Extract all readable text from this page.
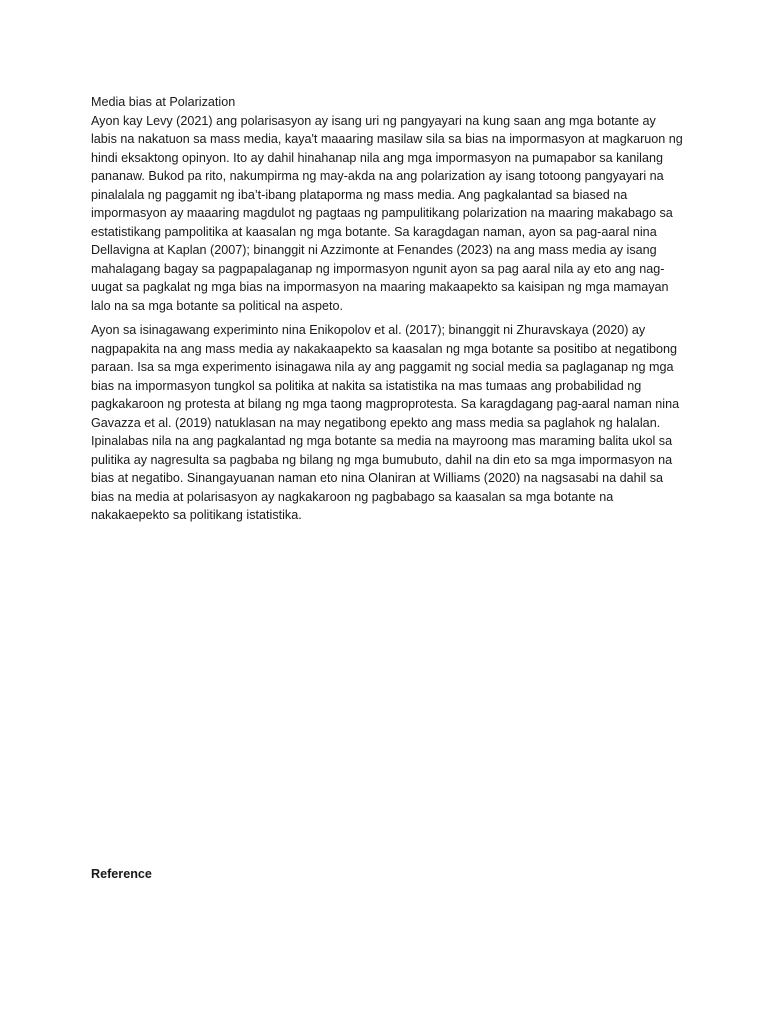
Media bias at Polarization

Ayon kay Levy (2021) ang polarisasyon ay isang uri ng pangyayari na kung saan ang mga botante ay labis na nakatuon sa mass media, kaya't maaaring masilaw sila sa bias na impormasyon at magkaruon ng hindi eksaktong opinyon. Ito ay dahil hinahanap nila ang mga impormasyon na pumapabor sa kanilang pananaw. Bukod pa rito, nakumpirma ng may-akda na ang polarization ay isang totoong pangyayari na pinalalala ng paggamit ng iba’t-ibang plataporma ng mass media. Ang pagkalantad sa biased na impormasyon ay maaaring magdulot ng pagtaas ng pampulitikang polarization na maaring makabago sa estatistikang pampolitika at kaasalan ng mga botante. Sa karagdagan naman, ayon sa pag-aaral nina Dellavigna at Kaplan (2007); binanggit ni Azzimonte at Fenandes (2023) na ang mass media ay isang mahalagang bagay sa pagpapalaganap ng impormasyon ngunit ayon sa pag aaral nila ay eto ang nag-uugat sa pagkalat ng mga bias na impormasyon na maaring makaapekto sa kaisipan ng mga mamayan lalo na sa mga botante sa political na aspeto.

Ayon sa isinagawang experiminto nina Enikopolov et al. (2017); binanggit ni Zhuravskaya (2020) ay nagpapakita na ang mass media ay nakakaapekto sa kaasalan ng mga botante sa positibo at negatibong paraan. Isa sa mga experimento isinagawa nila ay ang paggamit ng social media sa paglaganap ng mga bias na impormasyon tungkol sa politika at nakita sa istatistika na mas tumaas ang probabilidad ng pagkakaroon ng protesta at bilang ng mga taong magproprotesta. Sa karagdagang pag-aaral naman nina Gavazza et al. (2019) natuklasan na may negatibong epekto ang mass media sa paglahok ng halalan. Ipinalabas nila na ang pagkalantad ng mga botante sa media na mayroong mas maraming balita ukol sa pulitika ay nagresulta sa pagbaba ng bilang ng mga bumubuto, dahil na din eto sa mga impormasyon na bias at negatibo. Sinangayuanan naman eto nina Olaniran at Williams (2020) na nagsasabi na dahil sa bias na media at polarisasyon ay nagkakaroon ng pagbabago sa kaasalan sa mga botante na nakakaepekto sa politikang istatistika.

Reference
